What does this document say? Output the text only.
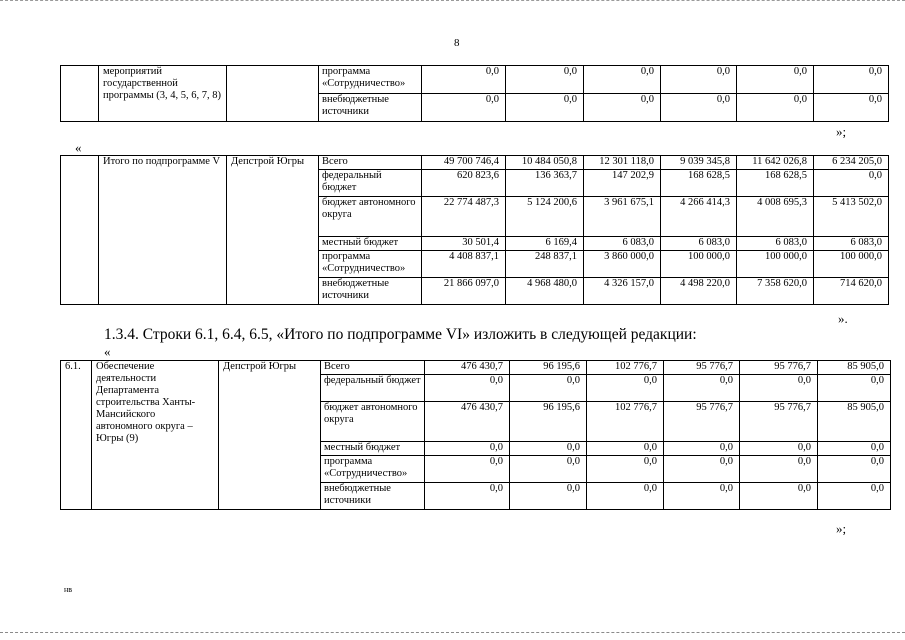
8
	мероприятий государственной программы (3, 4, 5, 6, 7, 8)		программа «Сотрудничество»	0,0	0,0	0,0	0,0	0,0	0,0
			внебюджетные источники	0,0	0,0	0,0	0,0	0,0	0,0
»;
«
	Итого по подпрограмме V	Депстрой Югры	Всего	49 700 746,4	10 484 050,8	12 301 118,0	9 039 345,8	11 642 026,8	6 234 205,0
			федеральный бюджет	620 823,6	136 363,7	147 202,9	168 628,5	168 628,5	0,0
			бюджет автономного округа	22 774 487,3	5 124 200,6	3 961 675,1	4 266 414,3	4 008 695,3	5 413 502,0
			местный бюджет	30 501,4	6 169,4	6 083,0	6 083,0	6 083,0	6 083,0
			программа «Сотрудничество»	4 408 837,1	248 837,1	3 860 000,0	100 000,0	100 000,0	100 000,0
			внебюджетные источники	21 866 097,0	4 968 480,0	4 326 157,0	4 498 220,0	7 358 620,0	714 620,0
».
1.3.4. Строки 6.1, 6.4, 6.5, «Итого по подпрограмме VI» изложить в следующей редакции:
«
6.1.	Обеспечение деятельности Департамента строительства Ханты-Мансийского автономного округа – Югры (9)	Депстрой Югры	Всего	476 430,7	96 195,6	102 776,7	95 776,7	95 776,7	85 905,0
			федеральный бюджет	0,0	0,0	0,0	0,0	0,0	0,0
			бюджет автономного округа	476 430,7	96 195,6	102 776,7	95 776,7	95 776,7	85 905,0
			местный бюджет	0,0	0,0	0,0	0,0	0,0	0,0
			программа «Сотрудничество»	0,0	0,0	0,0	0,0	0,0	0,0
			внебюджетные источники	0,0	0,0	0,0	0,0	0,0	0,0
»;
нв
